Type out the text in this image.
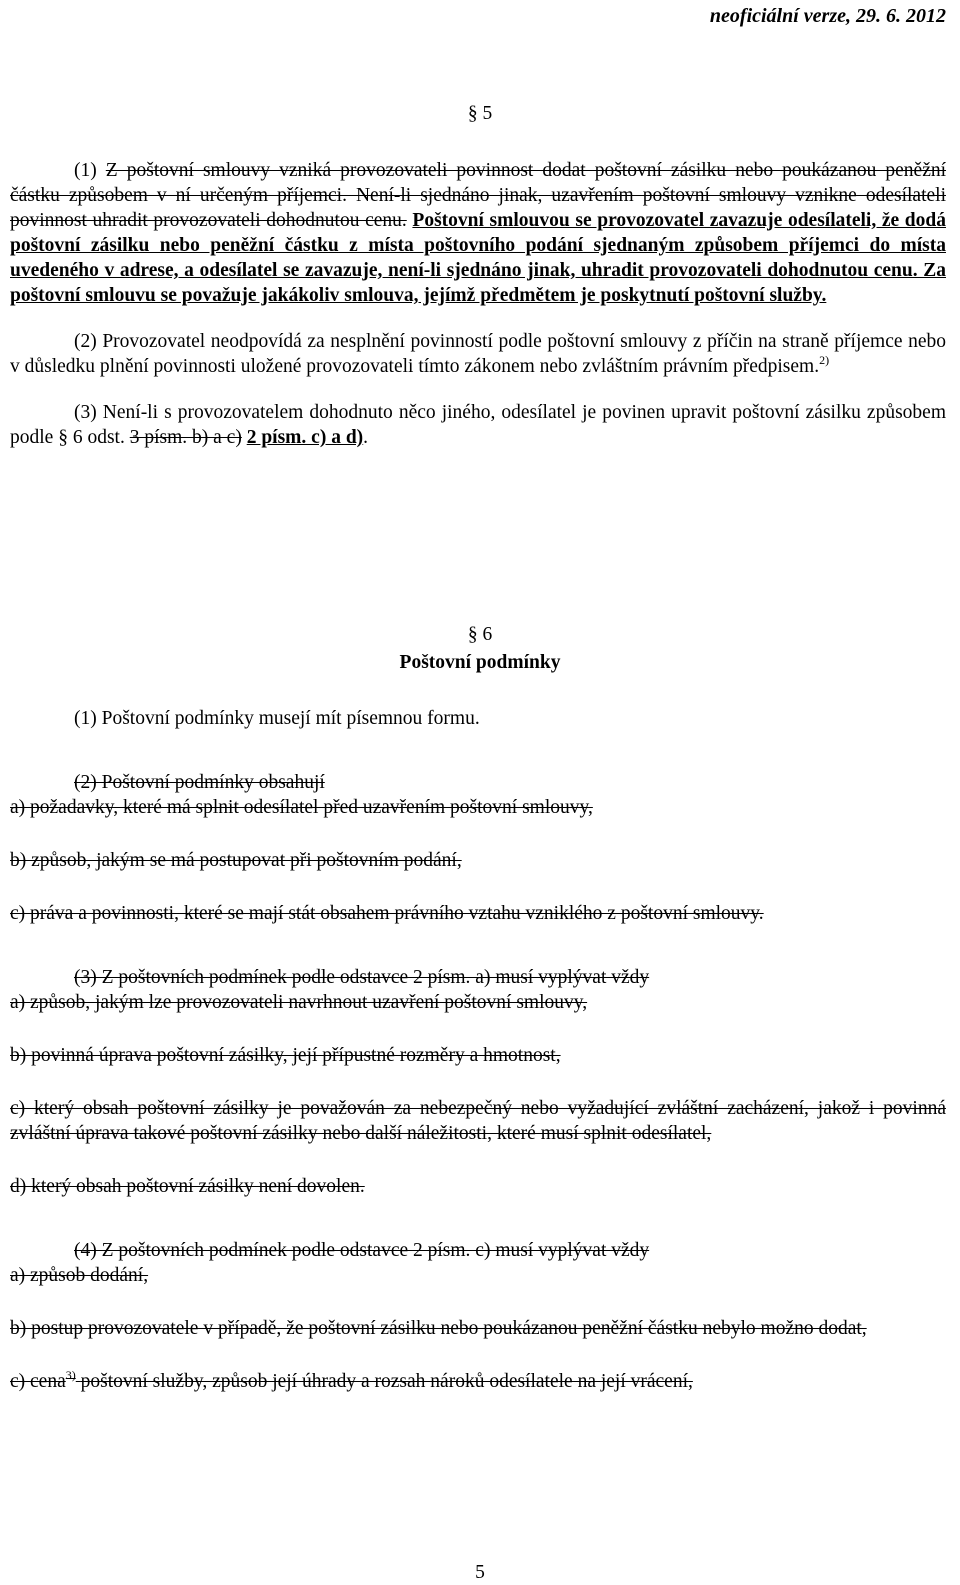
neoficiální verze, 29. 6. 2012
§ 5

(1) Z poštovní smlouvy vzniká provozovateli povinnost dodat poštovní zásilku nebo poukázanou peněžní částku způsobem v ní určeným příjemci. Není-li sjednáno jinak, uzavřením poštovní smlouvy vznikne odesílateli povinnost uhradit provozovateli dohodnutou cenu. Poštovní smlouvou se provozovatel zavazuje odesílateli, že dodá poštovní zásilku nebo peněžní částku z místa poštovního podání sjednaným způsobem příjemci do místa uvedeného v adrese, a odesílatel se zavazuje, není-li sjednáno jinak, uhradit provozovateli dohodnutou cenu. Za poštovní smlouvu se považuje jakákoliv smlouva, jejímž předmětem je poskytnutí poštovní služby.

(2) Provozovatel neodpovídá za nesplnění povinností podle poštovní smlouvy z příčin na straně příjemce nebo v důsledku plnění povinnosti uložené provozovateli tímto zákonem nebo zvláštním právním předpisem.$^{2)}$

(3) Není-li s provozovatelem dohodnuto něco jiného, odesílatel je povinen upravit poštovní zásilku způsobem podle § 6 odst. 3 písm. b) a c) 2 písm. c) a d).

§ 6
Poštovní podmínky

(1) Poštovní podmínky musejí mít písemnou formu.

(2) Poštovní podmínky obsahují

a) požadavky, které má splnit odesílatel před uzavřením poštovní smlouvy,

b) způsob, jakým se má postupovat při poštovním podání,

c) práva a povinnosti, které se mají stát obsahem právního vztahu vzniklého z poštovní smlouvy.

(3) Z poštovních podmínek podle odstavce 2 písm. a) musí vyplývat vždy

a) způsob, jakým lze provozovateli navrhnout uzavření poštovní smlouvy,

b) povinná úprava poštovní zásilky, její přípustné rozměry a hmotnost,

c) který obsah poštovní zásilky je považován za nebezpečný nebo vyžadující zvláštní zacházení, jakož i povinná zvláštní úprava takové poštovní zásilky nebo další náležitosti, které musí splnit odesílatel,

d) který obsah poštovní zásilky není dovolen.

(4) Z poštovních podmínek podle odstavce 2 písm. c) musí vyplývat vždy

a) způsob dodání,

b) postup provozovatele v případě, že poštovní zásilku nebo poukázanou peněžní částku nebylo možno dodat,

c) cena$^{3)}$ poštovní služby, způsob její úhrady a rozsah nároků odesílatele na její vrácení,

5
